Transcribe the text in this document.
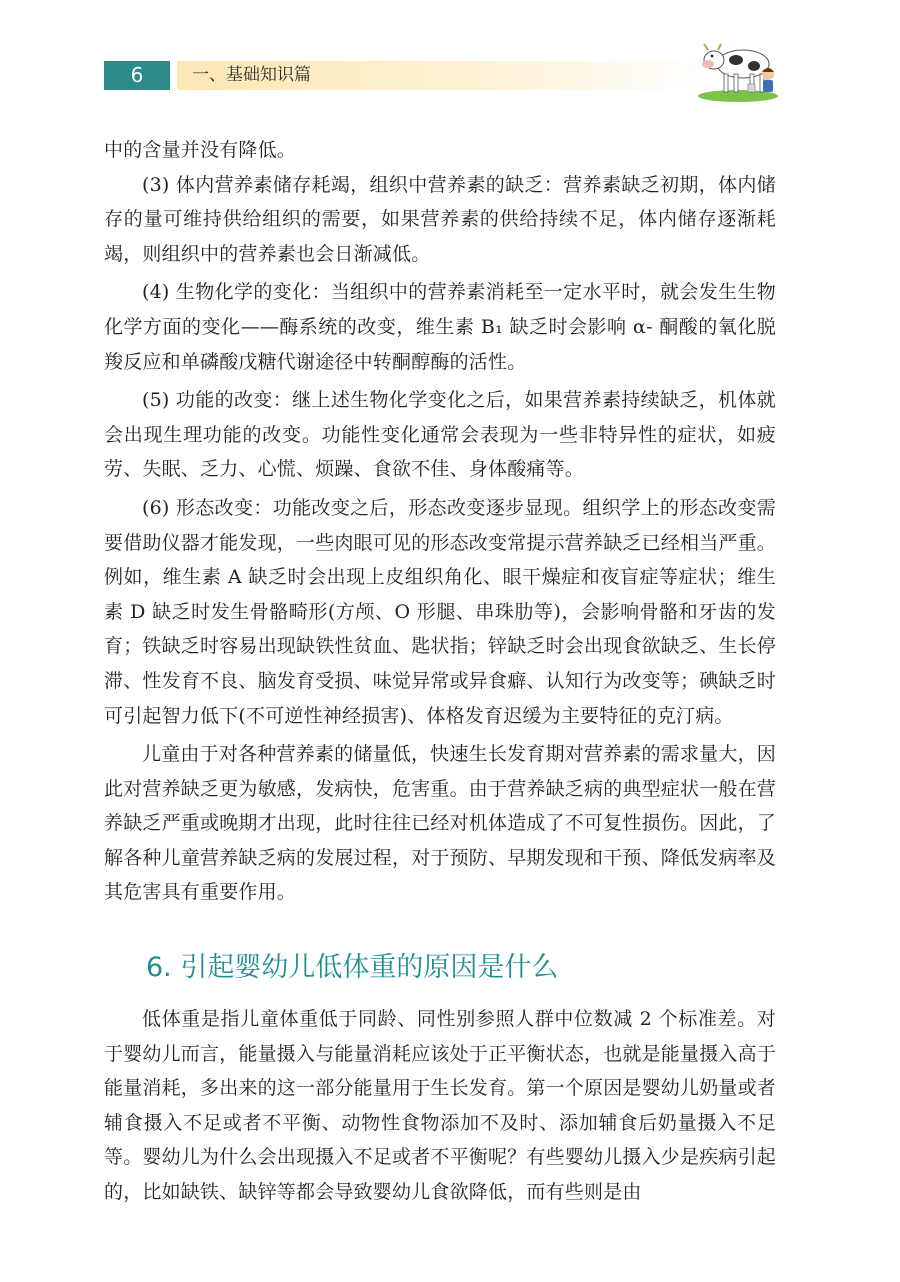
6	一、基础知识篇

中的含量并没有降低。

(3) 体内营养素储存耗竭，组织中营养素的缺乏：营养素缺乏初期，体内储存的量可维持供给组织的需要，如果营养素的供给持续不足，体内储存逐渐耗竭，则组织中的营养素也会日渐减低。

(4) 生物化学的变化：当组织中的营养素消耗至一定水平时，就会发生生物化学方面的变化——酶系统的改变，维生素 B₁ 缺乏时会影响 α- 酮酸的氧化脱羧反应和单磷酸戊糖代谢途径中转酮醇酶的活性。

(5) 功能的改变：继上述生物化学变化之后，如果营养素持续缺乏，机体就会出现生理功能的改变。功能性变化通常会表现为一些非特异性的症状，如疲劳、失眠、乏力、心慌、烦躁、食欲不佳、身体酸痛等。

(6) 形态改变：功能改变之后，形态改变逐步显现。组织学上的形态改变需要借助仪器才能发现，一些肉眼可见的形态改变常提示营养缺乏已经相当严重。例如，维生素 A 缺乏时会出现上皮组织角化、眼干燥症和夜盲症等症状；维生素 D 缺乏时发生骨骼畸形(方颅、O 形腿、串珠肋等)，会影响骨骼和牙齿的发育；铁缺乏时容易出现缺铁性贫血、匙状指；锌缺乏时会出现食欲缺乏、生长停滞、性发育不良、脑发育受损、味觉异常或异食癖、认知行为改变等；碘缺乏时可引起智力低下(不可逆性神经损害)、体格发育迟缓为主要特征的克汀病。

儿童由于对各种营养素的储量低，快速生长发育期对营养素的需求量大，因此对营养缺乏更为敏感，发病快，危害重。由于营养缺乏病的典型症状一般在营养缺乏严重或晚期才出现，此时往往已经对机体造成了不可复性损伤。因此，了解各种儿童营养缺乏病的发展过程，对于预防、早期发现和干预、降低发病率及其危害具有重要作用。

6. 引起婴幼儿低体重的原因是什么

低体重是指儿童体重低于同龄、同性别参照人群中位数减 2 个标准差。对于婴幼儿而言，能量摄入与能量消耗应该处于正平衡状态，也就是能量摄入高于能量消耗，多出来的这一部分能量用于生长发育。第一个原因是婴幼儿奶量或者辅食摄入不足或者不平衡、动物性食物添加不及时、添加辅食后奶量摄入不足等。婴幼儿为什么会出现摄入不足或者不平衡呢？有些婴幼儿摄入少是疾病引起的，比如缺铁、缺锌等都会导致婴幼儿食欲降低，而有些则是由
